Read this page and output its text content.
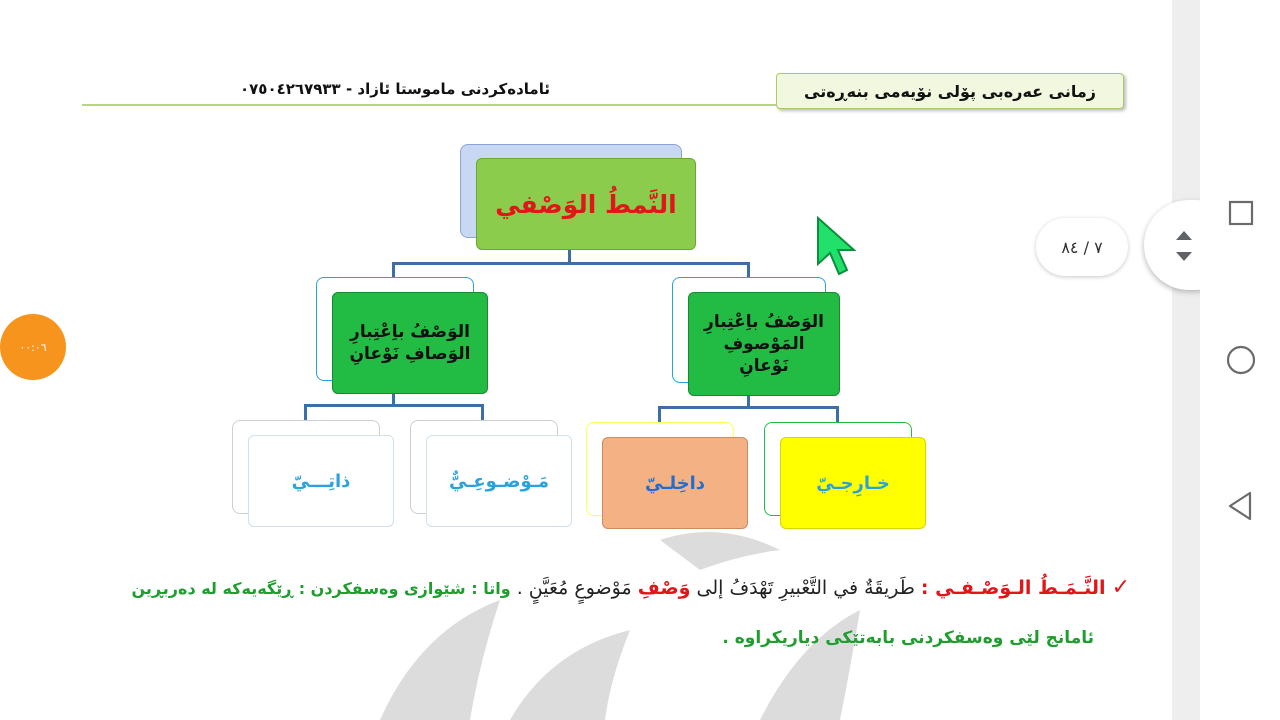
زمانی عەرەبی پۆلی نۆیەمی بنەڕەتی
ئامادەکردنی ماموستا ئازاد - ٠٧٥٠٤٢٦٧٩٣٣
النَّمطُ الوَصْفي
الوَصْفُ باِعْتِبارِ المَوْصوفِ نَوْعانِ
الوَصْفُ باِعْتِبارِ الوَصافِ نَوْعانِ
خـارِجـيّ
داخِلـيّ
مَـوْضـوعِـيٌّ
ذاتِـــيّ
✓ النَّـمَـطُ الـوَصْـفـي : طَريقَةٌ في التَّعْبيرِ تَهْدَفُ إلى وَصْفِ مَوْضوعٍ مُعَيَّنٍ . واتا : شێوازی وەسفکردن : ڕێگەیەکە لە دەربڕین
ئامانج لێی وەسفکردنی بابەتێکی دیاریکراوە .
٧ / ٨٤
٠٠:٠٦
